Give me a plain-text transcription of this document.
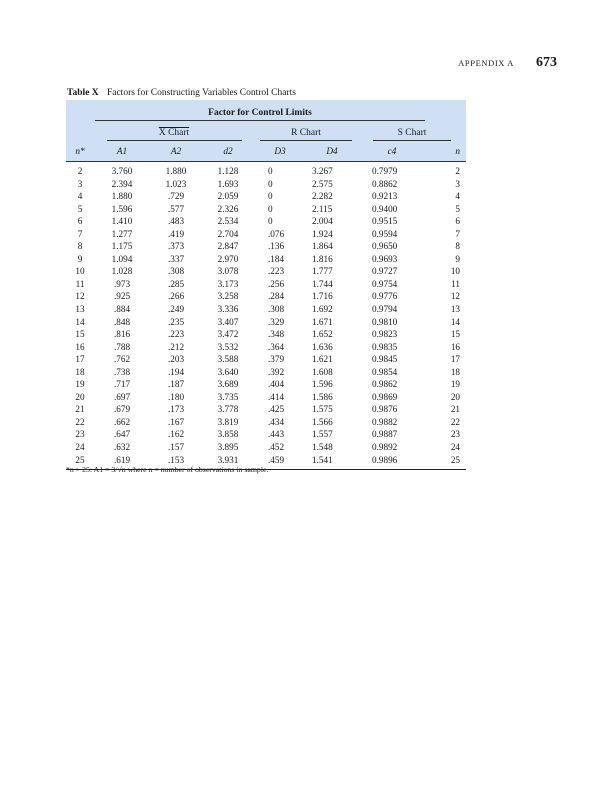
APPENDIX A 673
Table X Factors for Constructing Variables Control Charts
	Factor for Control Limits						
	X Chart			R Chart		S Chart	
n*	A1	A2	d2	D3	D4	c4	n
2	3.760	1.880	1.128	0	3.267	0.7979	2
3	2.394	1.023	1.693	0	2.575	0.8862	3
4	1.880	.729	2.059	0	2.282	0.9213	4
5	1.596	.577	2.326	0	2.115	0.9400	5
6	1.410	.483	2.534	0	2.004	0.9515	6
7	1.277	.419	2.704	.076	1.924	0.9594	7
8	1.175	.373	2.847	.136	1.864	0.9650	8
9	1.094	.337	2.970	.184	1.816	0.9693	9
10	1.028	.308	3.078	.223	1.777	0.9727	10
11	.973	.285	3.173	.256	1.744	0.9754	11
12	.925	.266	3.258	.284	1.716	0.9776	12
13	.884	.249	3.336	.308	1.692	0.9794	13
14	.848	.235	3.407	.329	1.671	0.9810	14
15	.816	.223	3.472	.348	1.652	0.9823	15
16	.788	.212	3.532	.364	1.636	0.9835	16
17	.762	.203	3.588	.379	1.621	0.9845	17
18	.738	.194	3.640	.392	1.608	0.9854	18
19	.717	.187	3.689	.404	1.596	0.9862	19
20	.697	.180	3.735	.414	1.586	0.9869	20
21	.679	.173	3.778	.425	1.575	0.9876	21
22	.662	.167	3.819	.434	1.566	0.9882	22
23	.647	.162	3.858	.443	1.557	0.9887	23
24	.632	.157	3.895	.452	1.548	0.9892	24
25	.619	.153	3.931	.459	1.541	0.9896	25
*n > 25: A1 = 3/√n where n = number of observations in sample.
